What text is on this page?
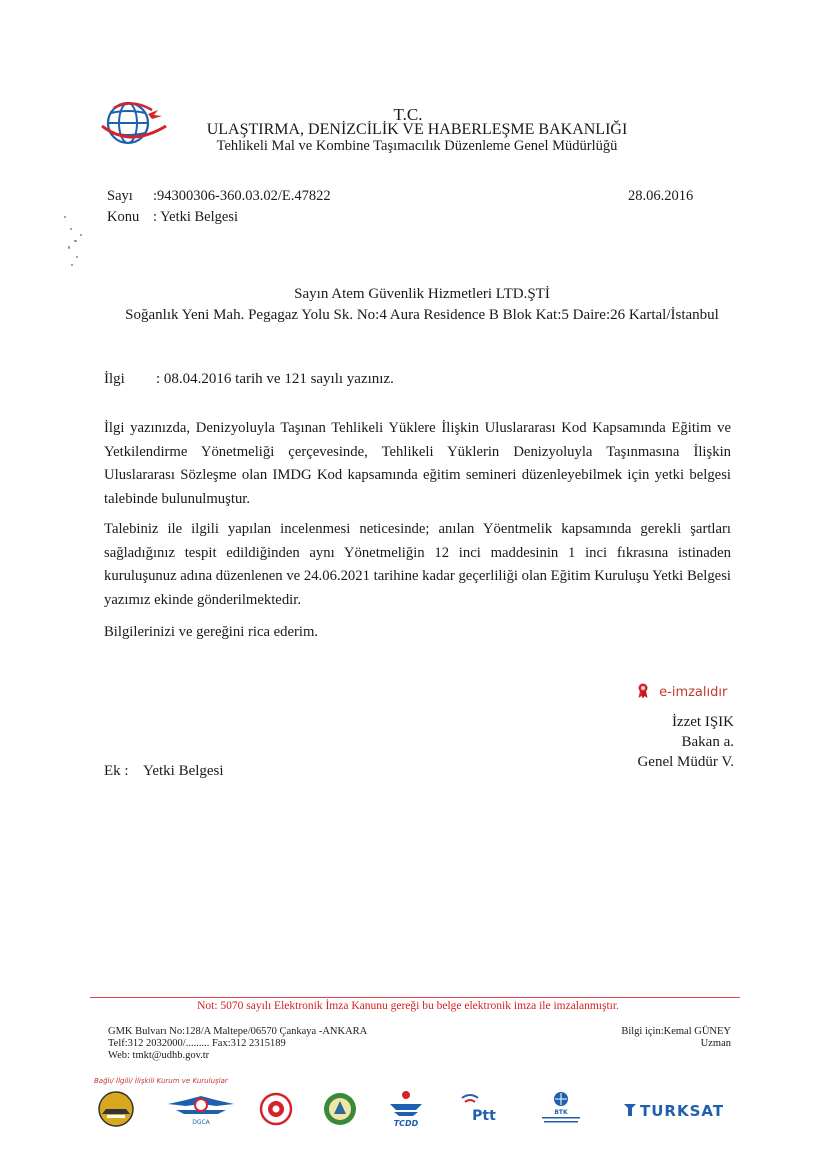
T.C.
ULAŞTIRMA, DENİZCİLİK VE HABERLEŞME BAKANLIĞI
Tehlikeli Mal ve Kombine Taşımacılık Düzenleme Genel Müdürlüğü
Sayı :94300306-360.03.02/E.47822
Konu : Yetki Belgesi
28.06.2016
Sayın Atem Güvenlik Hizmetleri LTD.ŞTİ
Soğanlık Yeni Mah. Pegagaz Yolu Sk. No:4 Aura Residence B Blok Kat:5 Daire:26 Kartal/İstanbul
İlgi : 08.04.2016 tarih ve 121 sayılı yazınız.
İlgi yazınızda, Denizyoluyla Taşınan Tehlikeli Yüklere İlişkin Uluslararası Kod Kapsamında Eğitim ve Yetkilendirme Yönetmeliği çerçevesinde, Tehlikeli Yüklerin Denizyoluyla Taşınmasına İlişkin Uluslararası Sözleşme olan IMDG Kod kapsamında eğitim semineri düzenleyebilmek için yetki belgesi talebinde bulunulmuştur.
Talebiniz ile ilgili yapılan incelenmesi neticesinde; anılan Yöentmelik kapsamında gerekli şartları sağladığınız tespit edildiğinden aynı Yönetmeliğin 12 inci maddesinin 1 inci fıkrasına istinaden kuruluşunuz adına düzenlenen ve 24.06.2021 tarihine kadar geçerliliği olan Eğitim Kuruluşu Yetki Belgesi yazımız ekinde gönderilmektedir.
Bilgilerinizi ve gereğini rica ederim.
e-imzalıdır
İzzet IŞIK
Bakan a.
Genel Müdür V.
Ek : Yetki Belgesi
Not: 5070 sayılı Elektronik İmza Kanunu gereği bu belge elektronik imza ile imzalanmıştır.
GMK Bulvarı No:128/A Maltepe/06570 Çankaya -ANKARA
Telf:312 2032000/......... Fax:312 2315189
Web: tmkt@udhb.gov.tr
Bilgi için:Kemal GÜNEY
Uzman
Bağlı/ İlgili/ İlişkili Kurum ve Kuruluşlar
DGCA	TCDD	Ptt	BTK	TURKSAT
